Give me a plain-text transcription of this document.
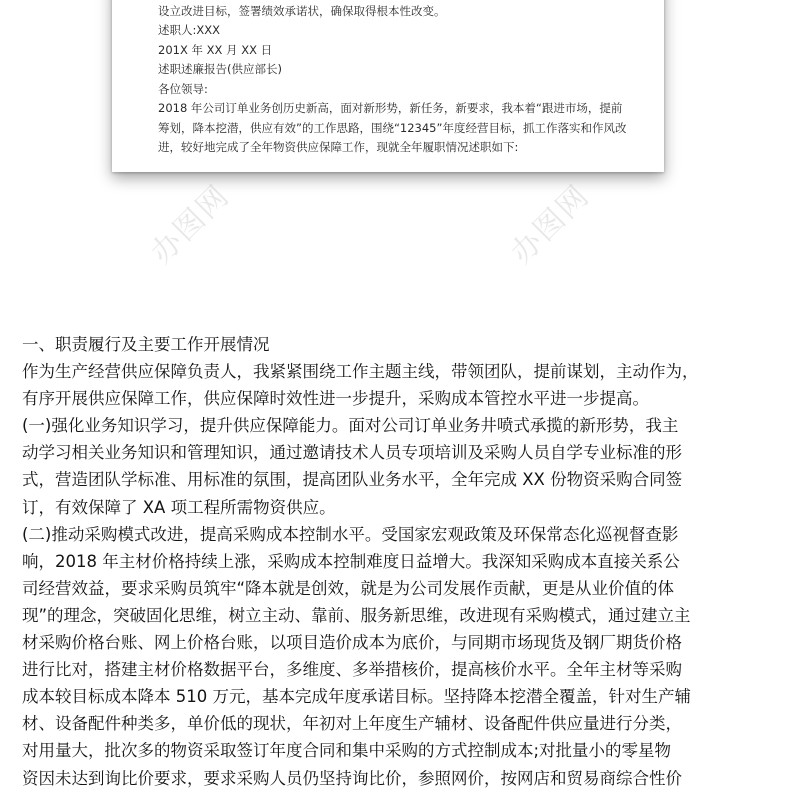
设立改进目标，签署绩效承诺状，确保取得根本性改变。
述职人:XXX
201X 年 XX 月 XX 日
述职述廉报告(供应部长)
各位领导:
2018 年公司订单业务创历史新高，面对新形势，新任务，新要求，我本着“跟进市场，提前
筹划，降本挖潜，供应有效”的工作思路，围绕“12345”年度经营目标，抓工作落实和作风改
进，较好地完成了全年物资供应保障工作，现就全年履职情况述职如下:
办图网	办图网
一、职责履行及主要工作开展情况
作为生产经营供应保障负责人，我紧紧围绕工作主题主线，带领团队，提前谋划，主动作为，
有序开展供应保障工作，供应保障时效性进一步提升，采购成本管控水平进一步提高。
(一)强化业务知识学习，提升供应保障能力。面对公司订单业务井喷式承揽的新形势，我主
动学习相关业务知识和管理知识，通过邀请技术人员专项培训及采购人员自学专业标准的形
式，营造团队学标准、用标准的氛围，提高团队业务水平，全年完成 XX 份物资采购合同签
订，有效保障了 XA 项工程所需物资供应。
(二)推动采购模式改进，提高采购成本控制水平。受国家宏观政策及环保常态化巡视督查影
响，2018 年主材价格持续上涨，采购成本控制难度日益增大。我深知采购成本直接关系公
司经营效益，要求采购员筑牢“降本就是创效，就是为公司发展作贡献，更是从业价值的体
现”的理念，突破固化思维，树立主动、靠前、服务新思维，改进现有采购模式，通过建立主
材采购价格台账、网上价格台账，以项目造价成本为底价，与同期市场现货及钢厂期货价格
进行比对，搭建主材价格数据平台，多维度、多举措核价，提高核价水平。全年主材等采购
成本较目标成本降本 510 万元，基本完成年度承诺目标。坚持降本挖潜全覆盖，针对生产辅
材、设备配件种类多，单价低的现状，年初对上年度生产辅材、设备配件供应量进行分类，
对用量大，批次多的物资采取签订年度合同和集中采购的方式控制成本;对批量小的零星物
资因未达到询比价要求，要求采购人员仍坚持询比价，参照网价，按网店和贸易商综合性价
